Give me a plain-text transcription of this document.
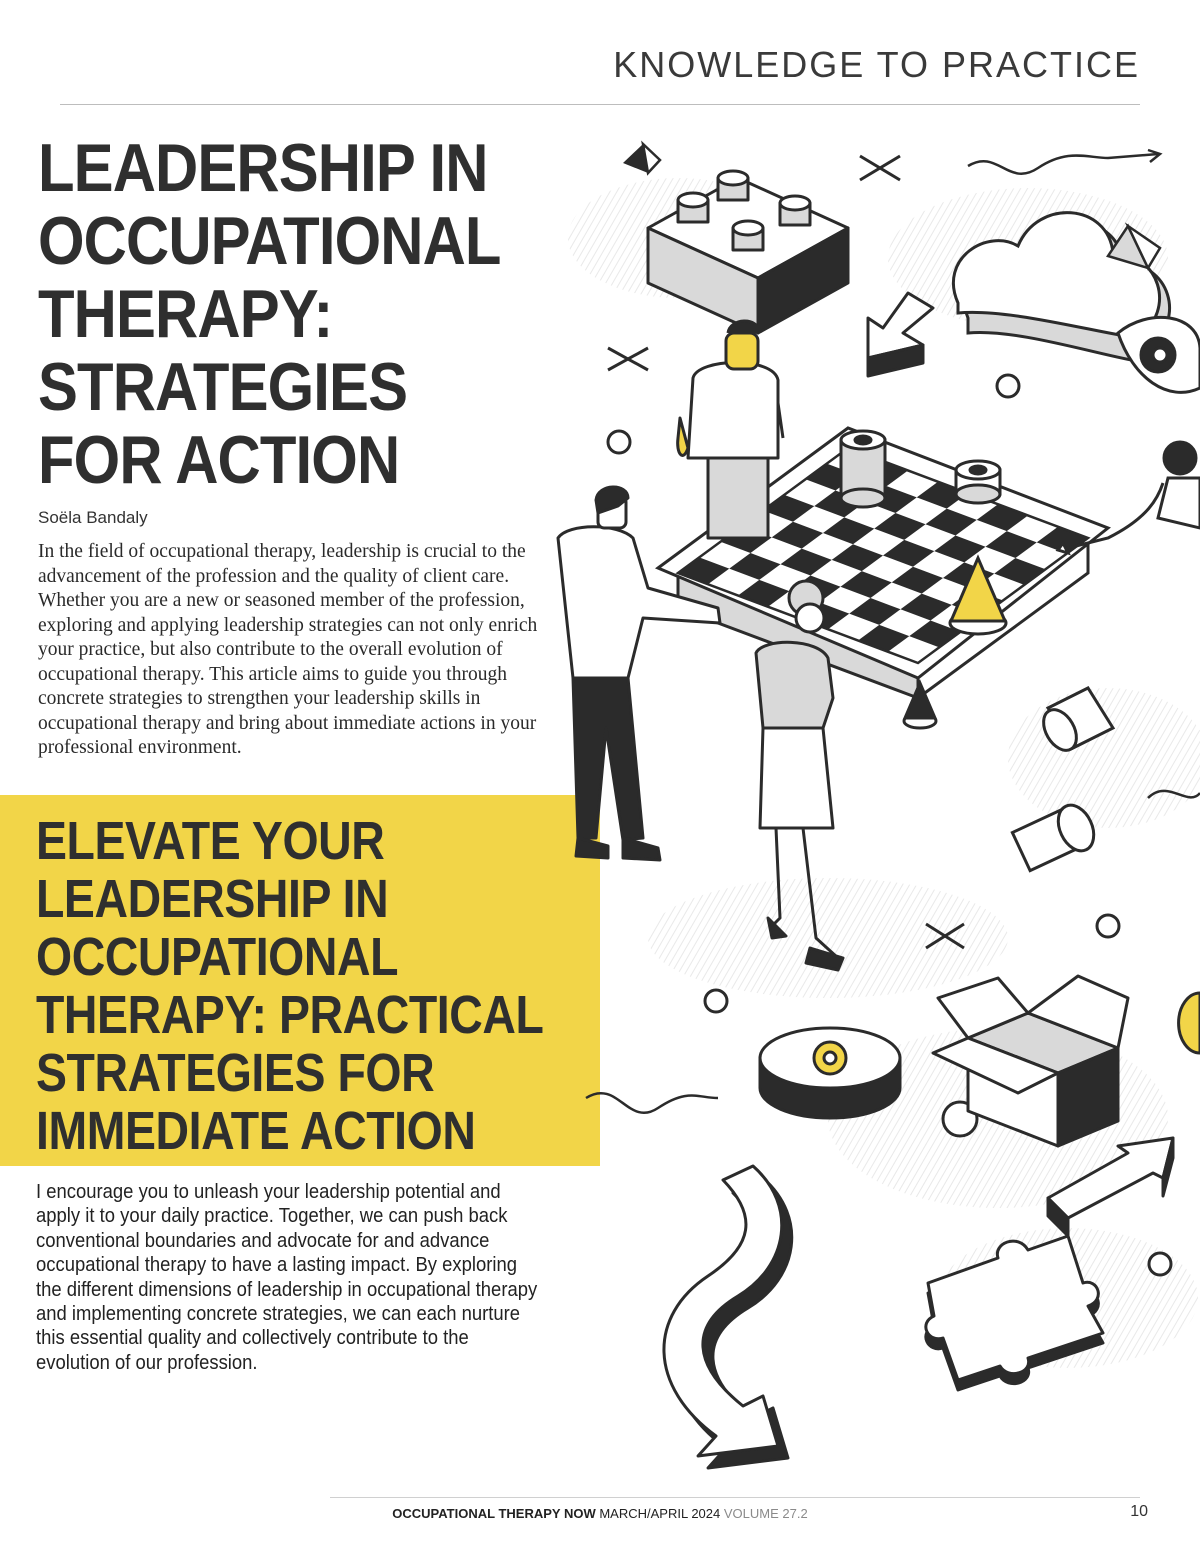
KNOWLEDGE TO PRACTICE
LEADERSHIP IN
OCCUPATIONAL
THERAPY:
STRATEGIES
FOR ACTION
Soëla Bandaly

In the field of occupational therapy, leadership is crucial to the advancement of the profession and the quality of client care. Whether you are a new or seasoned member of the profession, exploring and applying leadership strategies can not only enrich your practice, but also contribute to the overall evolution of occupational therapy. This article aims to guide you through concrete strategies to strengthen your leadership skills in occupational therapy and bring about immediate actions in your professional environment.

ELEVATE YOUR
LEADERSHIP IN
OCCUPATIONAL
THERAPY: PRACTICAL
STRATEGIES FOR
IMMEDIATE ACTION

I encourage you to unleash your leadership potential and apply it to your daily practice. Together, we can push back conventional boundaries and advocate for and advance occupational therapy to have a lasting impact. By exploring the different dimensions of leadership in occupational therapy and implementing concrete strategies, we can each nurture this essential quality and collectively contribute to the evolution of our profession.

OCCUPATIONAL THERAPY NOW MARCH/APRIL 2024 VOLUME 27.2	10
